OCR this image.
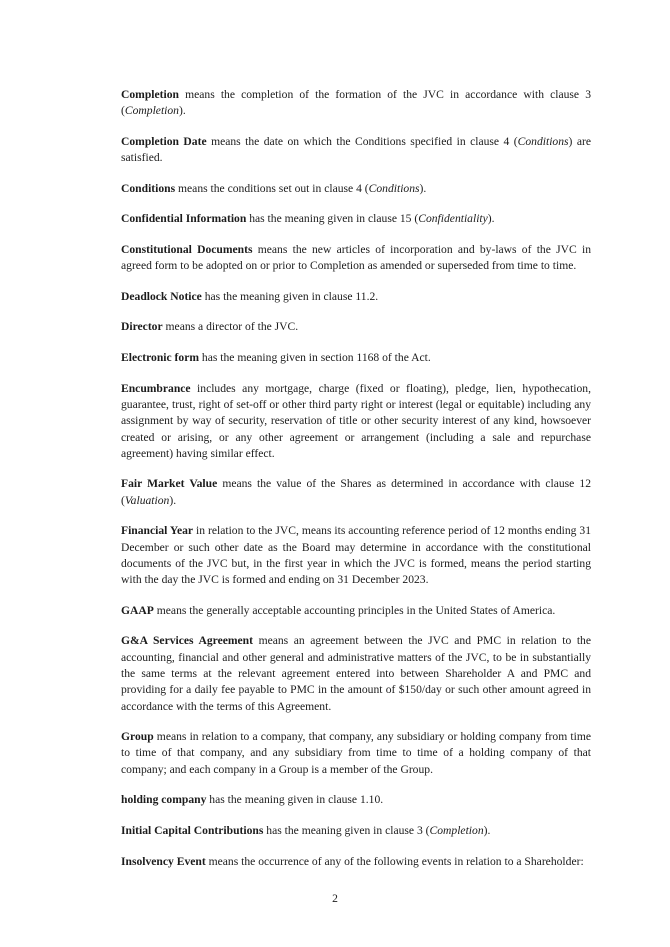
Completion means the completion of the formation of the JVC in accordance with clause 3 (Completion).

Completion Date means the date on which the Conditions specified in clause 4 (Conditions) are satisfied.

Conditions means the conditions set out in clause 4 (Conditions).

Confidential Information has the meaning given in clause 15 (Confidentiality).

Constitutional Documents means the new articles of incorporation and by-laws of the JVC in agreed form to be adopted on or prior to Completion as amended or superseded from time to time.

Deadlock Notice has the meaning given in clause 11.2.

Director means a director of the JVC.

Electronic form has the meaning given in section 1168 of the Act.

Encumbrance includes any mortgage, charge (fixed or floating), pledge, lien, hypothecation, guarantee, trust, right of set-off or other third party right or interest (legal or equitable) including any assignment by way of security, reservation of title or other security interest of any kind, howsoever created or arising, or any other agreement or arrangement (including a sale and repurchase agreement) having similar effect.

Fair Market Value means the value of the Shares as determined in accordance with clause 12 (Valuation).

Financial Year in relation to the JVC, means its accounting reference period of 12 months ending 31 December or such other date as the Board may determine in accordance with the constitutional documents of the JVC but, in the first year in which the JVC is formed, means the period starting with the day the JVC is formed and ending on 31 December 2023.

GAAP means the generally acceptable accounting principles in the United States of America.

G&A Services Agreement means an agreement between the JVC and PMC in relation to the accounting, financial and other general and administrative matters of the JVC, to be in substantially the same terms at the relevant agreement entered into between Shareholder A and PMC and providing for a daily fee payable to PMC in the amount of $150/day or such other amount agreed in accordance with the terms of this Agreement.

Group means in relation to a company, that company, any subsidiary or holding company from time to time of that company, and any subsidiary from time to time of a holding company of that company; and each company in a Group is a member of the Group.

holding company has the meaning given in clause 1.10.

Initial Capital Contributions has the meaning given in clause 3 (Completion).

Insolvency Event means the occurrence of any of the following events in relation to a Shareholder:

2
